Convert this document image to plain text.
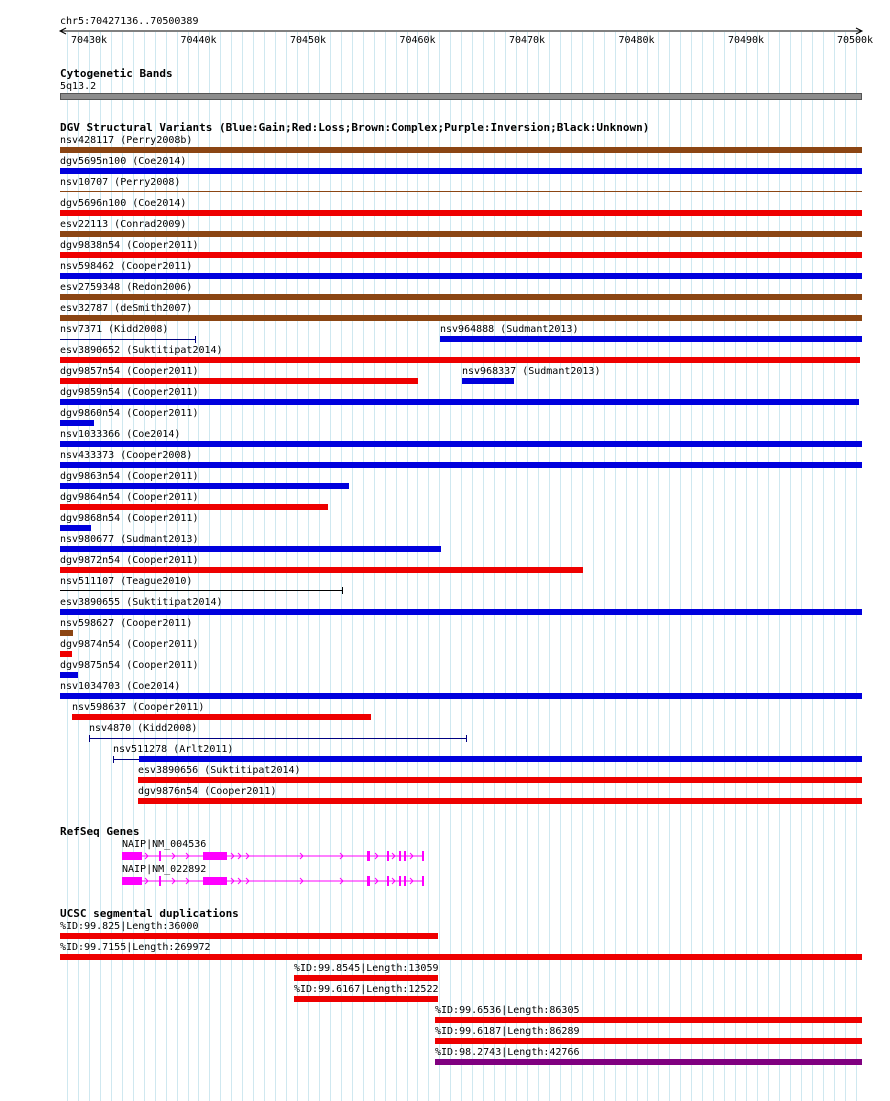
chr5:70427136..70500389
70430k	70440k	70450k	70460k	70470k	70480k	70490k	70500k
Cytogenetic Bands
5q13.2
DGV Structural Variants (Blue:Gain;Red:Loss;Brown:Complex;Purple:Inversion;Black:Unknown)
nsv428117 (Perry2008b)
dgv5695n100 (Coe2014)
nsv10707 (Perry2008)
dgv5696n100 (Coe2014)
esv22113 (Conrad2009)
dgv9838n54 (Cooper2011)
nsv598462 (Cooper2011)
esv2759348 (Redon2006)
esv32787 (deSmith2007)
nsv7371 (Kidd2008)	nsv964888 (Sudmant2013)
esv3890652 (Suktitipat2014)
dgv9857n54 (Cooper2011)	nsv968337 (Sudmant2013)
dgv9859n54 (Cooper2011)
dgv9860n54 (Cooper2011)
nsv1033366 (Coe2014)
nsv433373 (Cooper2008)
dgv9863n54 (Cooper2011)
dgv9864n54 (Cooper2011)
dgv9868n54 (Cooper2011)
nsv980677 (Sudmant2013)
dgv9872n54 (Cooper2011)
nsv511107 (Teague2010)
esv3890655 (Suktitipat2014)
nsv598627 (Cooper2011)
dgv9874n54 (Cooper2011)
dgv9875n54 (Cooper2011)
nsv1034703 (Coe2014)
nsv598637 (Cooper2011)
nsv4870 (Kidd2008)
nsv511278 (Arlt2011)
esv3890656 (Suktitipat2014)
dgv9876n54 (Cooper2011)
RefSeq Genes
NAIP|NM_004536
NAIP|NM_022892
UCSC segmental duplications
%ID:99.825|Length:36000
%ID:99.7155|Length:269972
%ID:99.8545|Length:13059
%ID:99.6167|Length:12522
%ID:99.6536|Length:86305
%ID:99.6187|Length:86289
%ID:98.2743|Length:42766
